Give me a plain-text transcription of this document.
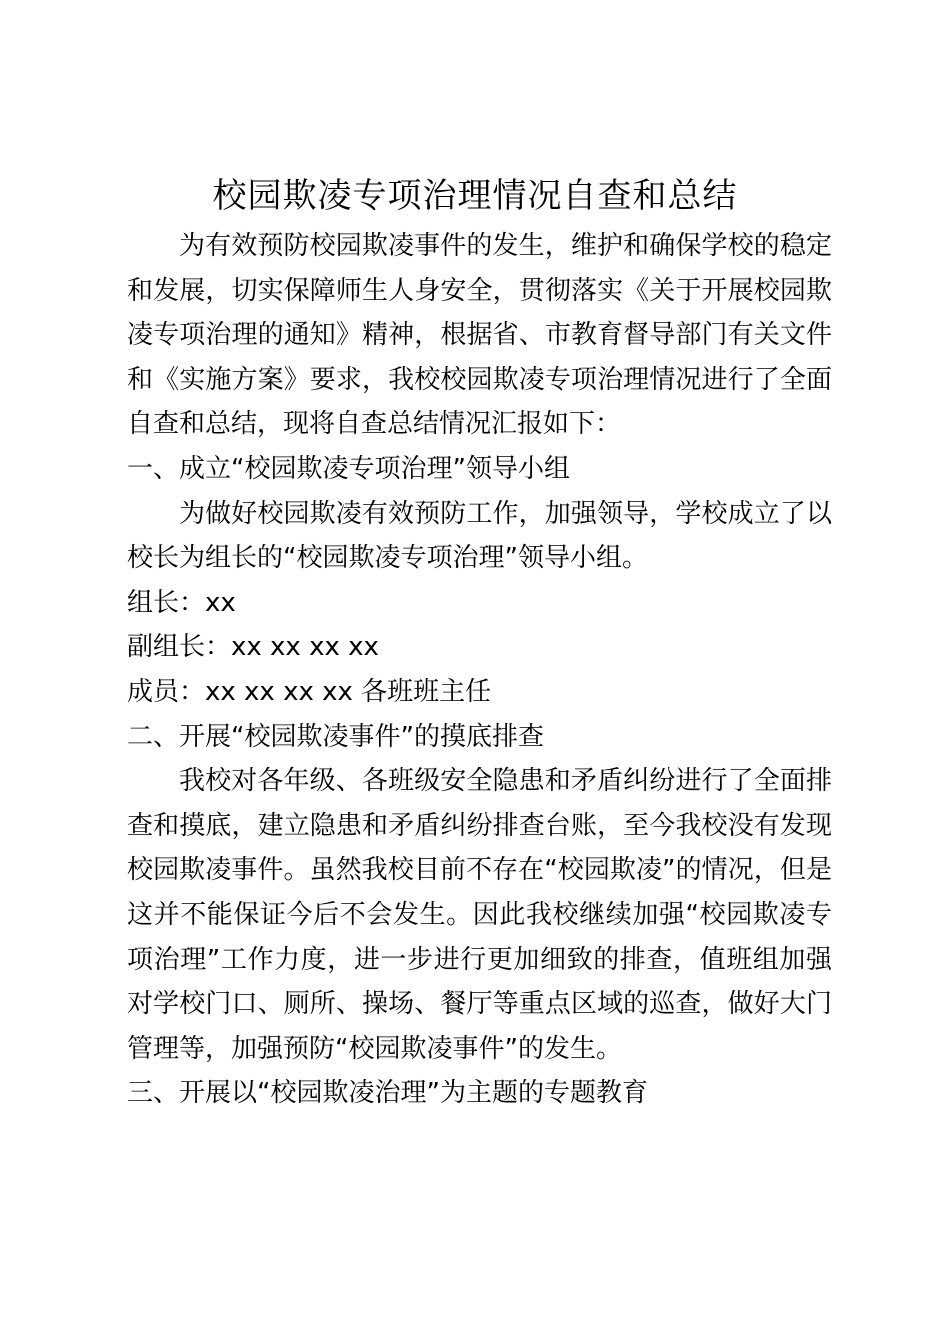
校园欺凌专项治理情况自查和总结

为有效预防校园欺凌事件的发生，维护和确保学校的稳定和发展，切实保障师生人身安全，贯彻落实《关于开展校园欺凌专项治理的通知》精神，根据省、市教育督导部门有关文件和《实施方案》要求，我校校园欺凌专项治理情况进行了全面自查和总结，现将自查总结情况汇报如下：

一、成立“校园欺凌专项治理”领导小组

为做好校园欺凌有效预防工作，加强领导，学校成立了以校长为组长的“校园欺凌专项治理”领导小组。

组长：xx

副组长：xx xx xx xx

成员：xx xx xx xx 各班班主任

二、开展“校园欺凌事件”的摸底排查

我校对各年级、各班级安全隐患和矛盾纠纷进行了全面排查和摸底，建立隐患和矛盾纠纷排查台账，至今我校没有发现校园欺凌事件。虽然我校目前不存在“校园欺凌”的情况，但是这并不能保证今后不会发生。因此我校继续加强“校园欺凌专项治理”工作力度，进一步进行更加细致的排查，值班组加强对学校门口、厕所、操场、餐厅等重点区域的巡查，做好大门管理等，加强预防“校园欺凌事件”的发生。

三、开展以“校园欺凌治理”为主题的专题教育
